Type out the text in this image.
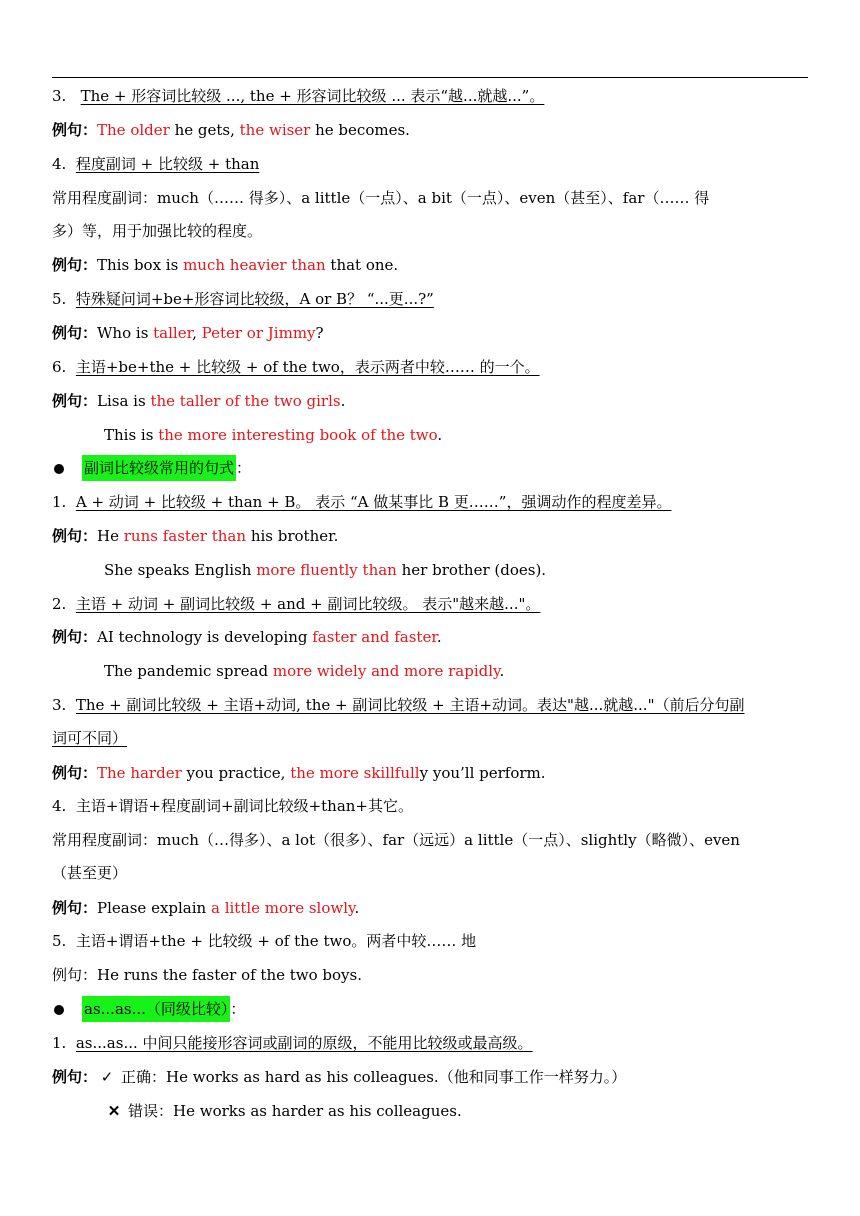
3. The + 形容词比较级 ..., the + 形容词比较级 ... 表示“越...就越...”。
例句：The older he gets, the wiser he becomes.
4. 程度副词 + 比较级 + than
常用程度副词：much（…… 得多）、a little（一点）、a bit（一点）、even（甚至）、far（…… 得
多）等，用于加强比较的程度。
例句：This box is much heavier than that one.
5. 特殊疑问词+be+形容词比较级，A or B？ “...更...?”
例句：Who is taller, Peter or Jimmy?
6. 主语+be+the + 比较级 + of the two，表示两者中较…… 的一个。
例句：Lisa is the taller of the two girls.
This is the more interesting book of the two.
副词比较级常用的句式 ：
1. A + 动词 + 比较级 + than + B。 表示 “A 做某事比 B 更……”，强调动作的程度差异。
例句：He runs faster than his brother.
She speaks English more fluently than her brother (does).
2. 主语 + 动词 + 副词比较级 + and + 副词比较级。 表示"越来越..."。
例句：AI technology is developing faster and faster.
The pandemic spread more widely and more rapidly.
3. The + 副词比较级 + 主语+动词, the + 副词比较级 + 主语+动词。表达"越...就越..."（前后分句副
词可不同）
例句：The harder you practice, the more skillfully you’ll perform.
4. 主语+谓语+程度副词+副词比较级+than+其它。
常用程度副词：much（…得多）、a lot（很多）、far（远远）a little（一点）、slightly（略微）、even
（甚至更）
例句：Please explain a little more slowly.
5. 主语+谓语+the + 比较级 + of the two。两者中较…… 地
例句：He runs the faster of the two boys.
as...as...（同级比较） ：
1. as...as... 中间只能接形容词或副词的原级，不能用比较级或最高级。
例句： ✓ 正确：He works as hard as his colleagues.（他和同事工作一样努力。）
✕ 错误：He works as harder as his colleagues.
